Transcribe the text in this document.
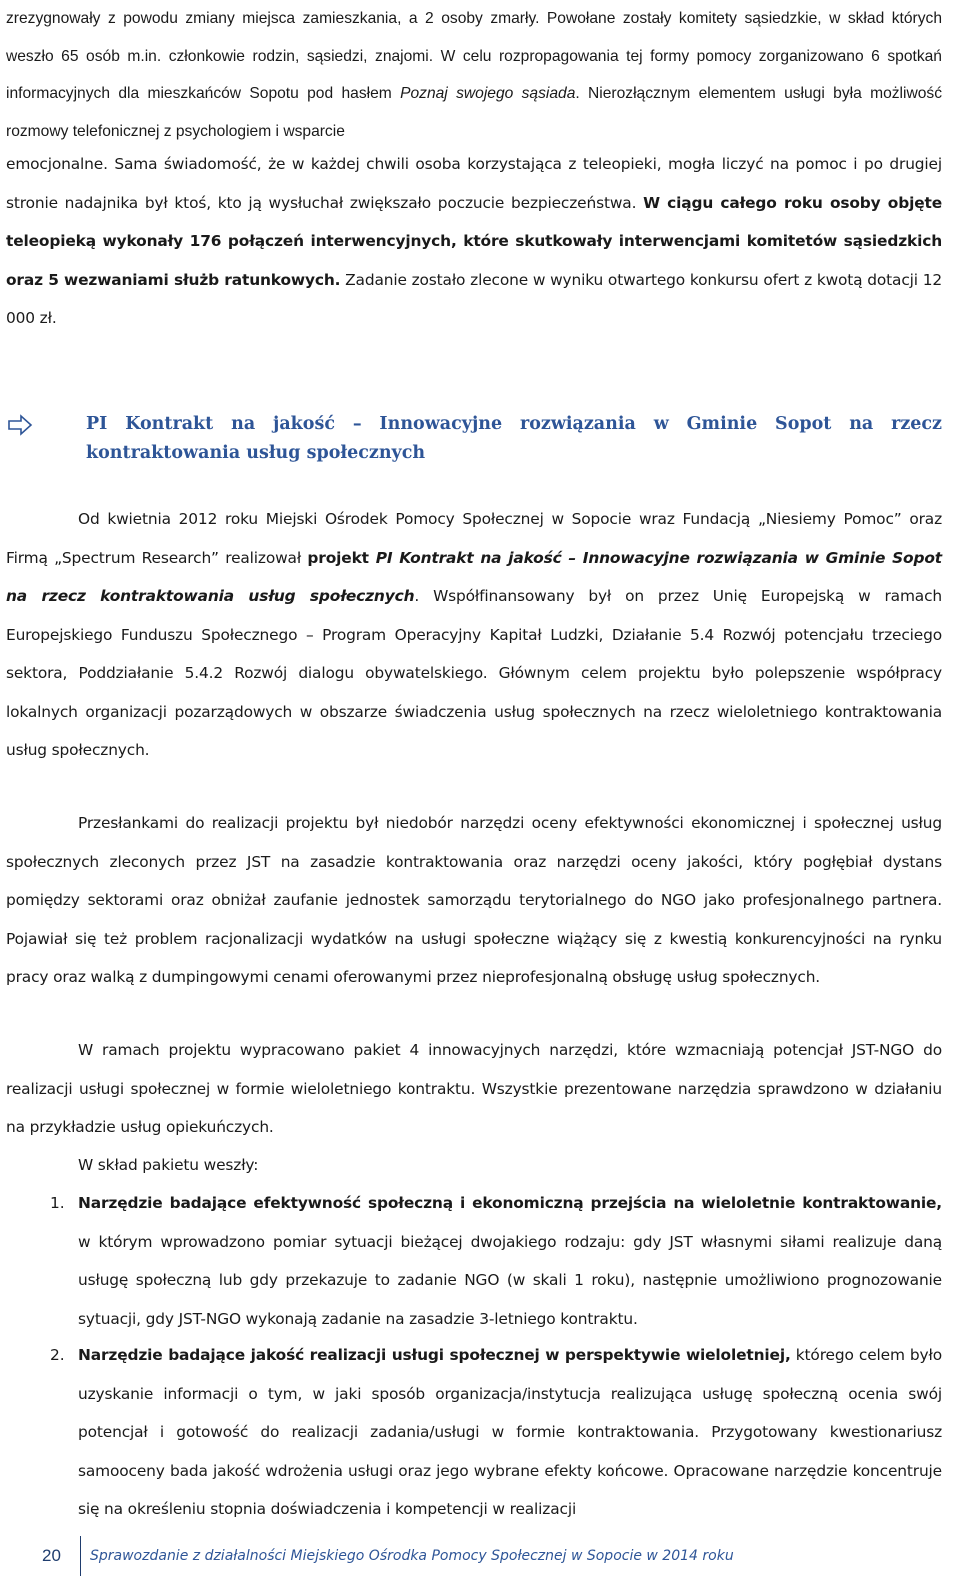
zrezygnowały z powodu zmiany miejsca zamieszkania, a 2 osoby zmarły. Powołane zostały komitety sąsiedzkie, w skład których weszło 65 osób m.in. członkowie rodzin, sąsiedzi, znajomi. W celu rozpropagowania tej formy pomocy zorganizowano 6 spotkań informacyjnych dla mieszkańców Sopotu pod hasłem Poznaj swojego sąsiada. Nierozłącznym elementem usługi była możliwość rozmowy telefonicznej z psychologiem i wsparcie
emocjonalne. Sama świadomość, że w każdej chwili osoba korzystająca z teleopieki, mogła liczyć na pomoc i po drugiej stronie nadajnika był ktoś, kto ją wysłuchał zwiększało poczucie bezpieczeństwa. W ciągu całego roku osoby objęte teleopieką wykonały 176 połączeń interwencyjnych, które skutkowały interwencjami komitetów sąsiedzkich oraz 5 wezwaniami służb ratunkowych. Zadanie zostało zlecone w wyniku otwartego konkursu ofert z kwotą dotacji 12 000 zł.
PI Kontrakt na jakość – Innowacyjne rozwiązania w Gminie Sopot na rzecz kontraktowania usług społecznych
Od kwietnia 2012 roku Miejski Ośrodek Pomocy Społecznej w Sopocie wraz Fundacją „Niesiemy Pomoc” oraz Firmą „Spectrum Research” realizował projekt PI Kontrakt na jakość – Innowacyjne rozwiązania w Gminie Sopot na rzecz kontraktowania usług społecznych. Współfinansowany był on przez Unię Europejską w ramach Europejskiego Funduszu Społecznego – Program Operacyjny Kapitał Ludzki, Działanie 5.4 Rozwój potencjału trzeciego sektora, Poddziałanie 5.4.2 Rozwój dialogu obywatelskiego. Głównym celem projektu było polepszenie współpracy lokalnych organizacji pozarządowych w obszarze świadczenia usług społecznych na rzecz wieloletniego kontraktowania usług społecznych.
Przesłankami do realizacji projektu był niedobór narzędzi oceny efektywności ekonomicznej i społecznej usług społecznych zleconych przez JST na zasadzie kontraktowania oraz narzędzi oceny jakości, który pogłębiał dystans pomiędzy sektorami oraz obniżał zaufanie jednostek samorządu terytorialnego do NGO jako profesjonalnego partnera. Pojawiał się też problem racjonalizacji wydatków na usługi społeczne wiążący się z kwestią konkurencyjności na rynku pracy oraz walką z dumpingowymi cenami oferowanymi przez nieprofesjonalną obsługę usług społecznych.
W ramach projektu wypracowano pakiet 4 innowacyjnych narzędzi, które wzmacniają potencjał JST-NGO do realizacji usługi społecznej w formie wieloletniego kontraktu. Wszystkie prezentowane narzędzia sprawdzono w działaniu na przykładzie usług opiekuńczych.
W skład pakietu weszły:
1. Narzędzie badające efektywność społeczną i ekonomiczną przejścia na wieloletnie kontraktowanie, w którym wprowadzono pomiar sytuacji bieżącej dwojakiego rodzaju: gdy JST własnymi siłami realizuje daną usługę społeczną lub gdy przekazuje to zadanie NGO (w skali 1 roku), następnie umożliwiono prognozowanie sytuacji, gdy JST-NGO wykonają zadanie na zasadzie 3-letniego kontraktu.
2. Narzędzie badające jakość realizacji usługi społecznej w perspektywie wieloletniej, którego celem było uzyskanie informacji o tym, w jaki sposób organizacja/instytucja realizująca usługę społeczną ocenia swój potencjał i gotowość do realizacji zadania/usługi w formie kontraktowania. Przygotowany kwestionariusz samooceny bada jakość wdrożenia usługi oraz jego wybrane efekty końcowe. Opracowane narzędzie koncentruje się na określeniu stopnia doświadczenia i kompetencji w realizacji
20 Sprawozdanie z działalności Miejskiego Ośrodka Pomocy Społecznej w Sopocie w 2014 roku
